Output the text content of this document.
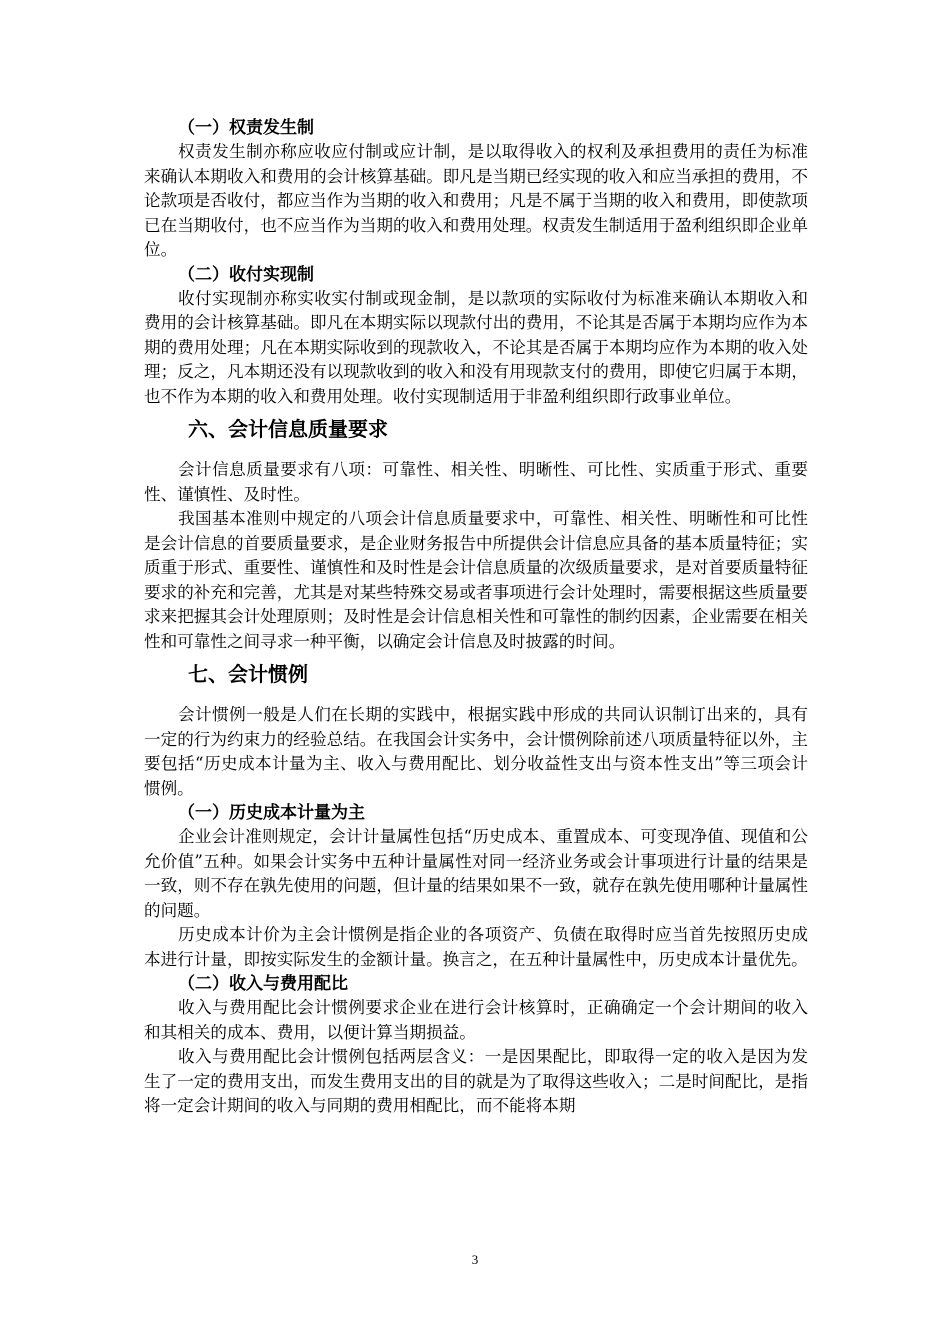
（一）权责发生制

权责发生制亦称应收应付制或应计制，是以取得收入的权利及承担费用的责任为标准来确认本期收入和费用的会计核算基础。即凡是当期已经实现的收入和应当承担的费用，不论款项是否收付，都应当作为当期的收入和费用；凡是不属于当期的收入和费用，即使款项已在当期收付，也不应当作为当期的收入和费用处理。权责发生制适用于盈利组织即企业单位。

（二）收付实现制

收付实现制亦称实收实付制或现金制，是以款项的实际收付为标准来确认本期收入和费用的会计核算基础。即凡在本期实际以现款付出的费用，不论其是否属于本期均应作为本期的费用处理；凡在本期实际收到的现款收入，不论其是否属于本期均应作为本期的收入处理；反之，凡本期还没有以现款收到的收入和没有用现款支付的费用，即使它归属于本期，也不作为本期的收入和费用处理。收付实现制适用于非盈利组织即行政事业单位。

六、会计信息质量要求

会计信息质量要求有八项：可靠性、相关性、明晰性、可比性、实质重于形式、重要性、谨慎性、及时性。

我国基本准则中规定的八项会计信息质量要求中，可靠性、相关性、明晰性和可比性是会计信息的首要质量要求，是企业财务报告中所提供会计信息应具备的基本质量特征；实质重于形式、重要性、谨慎性和及时性是会计信息质量的次级质量要求，是对首要质量特征要求的补充和完善，尤其是对某些特殊交易或者事项进行会计处理时，需要根据这些质量要求来把握其会计处理原则；及时性是会计信息相关性和可靠性的制约因素，企业需要在相关性和可靠性之间寻求一种平衡，以确定会计信息及时披露的时间。

七、会计惯例

会计惯例一般是人们在长期的实践中，根据实践中形成的共同认识制订出来的，具有一定的行为约束力的经验总结。在我国会计实务中，会计惯例除前述八项质量特征以外，主要包括“历史成本计量为主、收入与费用配比、划分收益性支出与资本性支出”等三项会计惯例。

（一）历史成本计量为主

企业会计准则规定，会计计量属性包括“历史成本、重置成本、可变现净值、现值和公允价值”五种。如果会计实务中五种计量属性对同一经济业务或会计事项进行计量的结果是一致，则不存在孰先使用的问题，但计量的结果如果不一致，就存在孰先使用哪种计量属性的问题。

历史成本计价为主会计惯例是指企业的各项资产、负债在取得时应当首先按照历史成本进行计量，即按实际发生的金额计量。换言之，在五种计量属性中，历史成本计量优先。

（二）收入与费用配比

收入与费用配比会计惯例要求企业在进行会计核算时，正确确定一个会计期间的收入和其相关的成本、费用，以便计算当期损益。

收入与费用配比会计惯例包括两层含义：一是因果配比，即取得一定的收入是因为发生了一定的费用支出，而发生费用支出的目的就是为了取得这些收入；二是时间配比，是指将一定会计期间的收入与同期的费用相配比，而不能将本期

3
